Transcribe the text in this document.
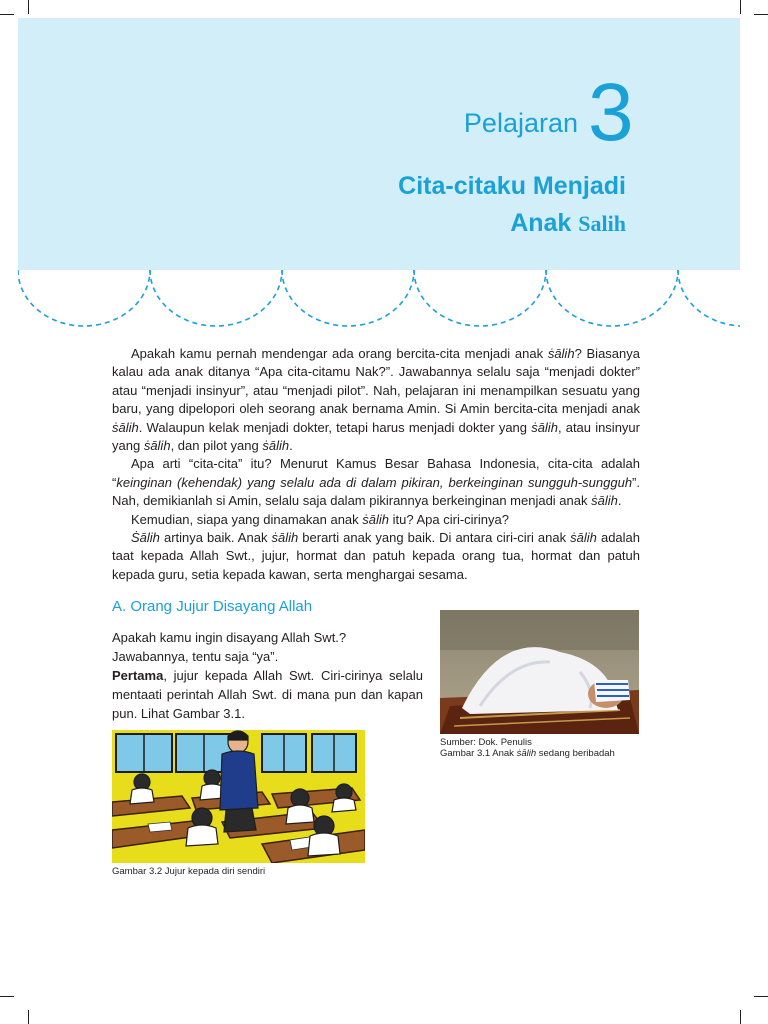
Pelajaran 3
Cita-citaku Menjadi
Anak Salih

Apakah kamu pernah mendengar ada orang bercita-cita menjadi anak ṡālih? Biasanya kalau ada anak ditanya “Apa cita-citamu Nak?”. Jawabannya selalu saja “menjadi dokter” atau “menjadi insinyur”, atau “menjadi pilot”. Nah, pelajaran ini menampilkan sesuatu yang baru, yang dipelopori oleh seorang anak bernama Amin. Si Amin bercita-cita menjadi anak ṡālih. Walaupun kelak menjadi dokter, tetapi harus menjadi dokter yang ṡālih, atau insinyur yang ṡālih, dan pilot yang ṡālih.

Apa arti “cita-cita” itu? Menurut Kamus Besar Bahasa Indonesia, cita-cita adalah “keinginan (kehendak) yang selalu ada di dalam pikiran, berkeinginan sungguh-sungguh”. Nah, demikianlah si Amin, selalu saja dalam pikirannya berkeinginan menjadi anak ṡālih.

Kemudian, siapa yang dinamakan anak ṡālih itu? Apa ciri-cirinya?

Ṡālih artinya baik. Anak ṡālih berarti anak yang baik. Di antara ciri-ciri anak ṡālih adalah taat kepada Allah Swt., jujur, hormat dan patuh kepada orang tua, hormat dan patuh kepada guru, setia kepada kawan, serta menghargai sesama.

A. Orang Jujur Disayang Allah

Apakah kamu ingin disayang Allah Swt.?

Jawabannya, tentu saja “ya”.

Pertama, jujur kepada Allah Swt. Ciri-cirinya selalu mentaati perintah Allah Swt. di mana pun dan kapan pun. Lihat Gambar 3.1.

Sumber: Dok. Penulis
Gambar 3.1 Anak ṡālih sedang beribadah
Gambar 3.2 Jujur kepada diri sendiri
